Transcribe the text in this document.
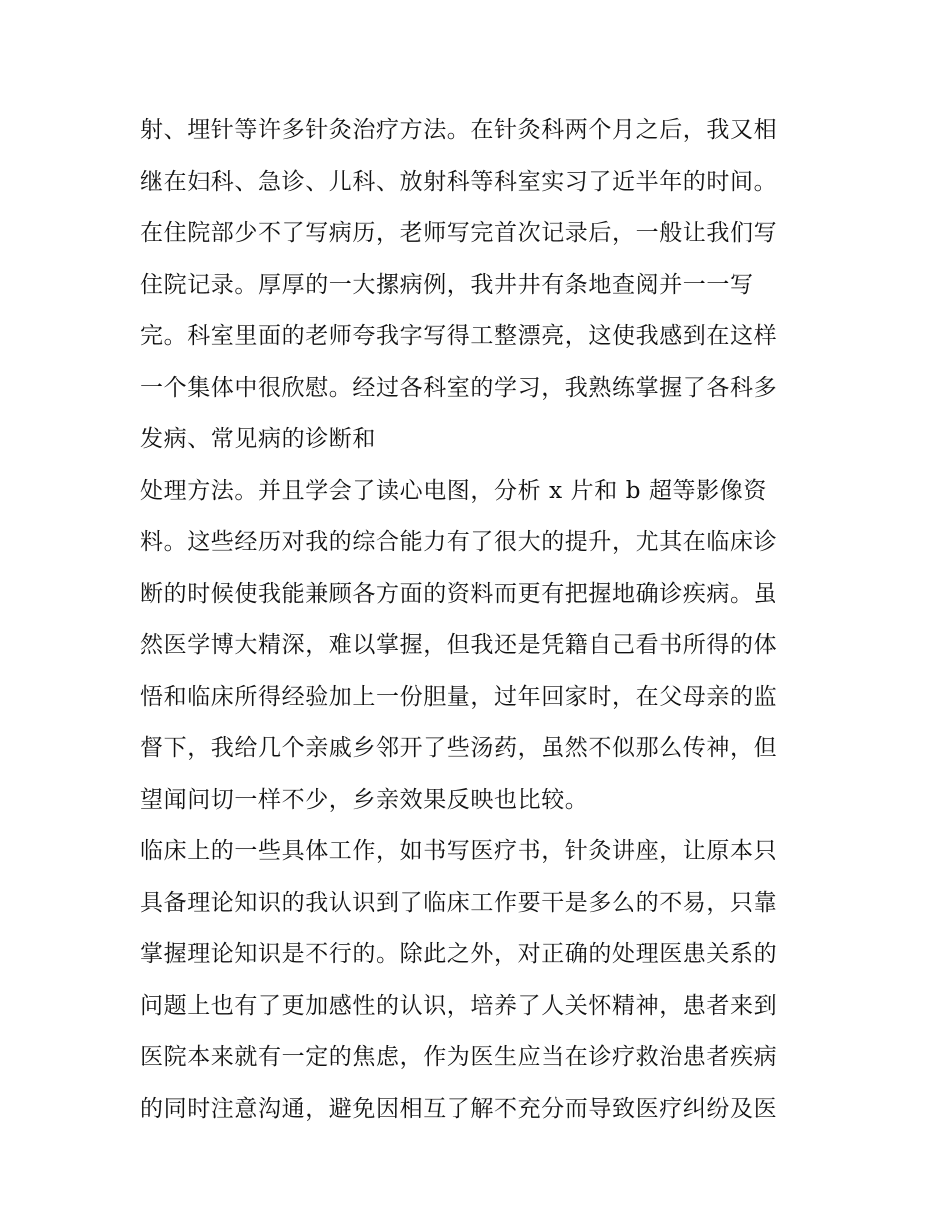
射、埋针等许多针灸治疗方法。在针灸科两个月之后，我又相
继在妇科、急诊、儿科、放射科等科室实习了近半年的时间。
在住院部少不了写病历，老师写完首次记录后，一般让我们写
住院记录。厚厚的一大摞病例，我井井有条地查阅并一一写
完。科室里面的老师夸我字写得工整漂亮，这使我感到在这样
一个集体中很欣慰。经过各科室的学习，我熟练掌握了各科多
发病、常见病的诊断和
处理方法。并且学会了读心电图，分析 x 片和 b 超等影像资
料。这些经历对我的综合能力有了很大的提升，尤其在临床诊
断的时候使我能兼顾各方面的资料而更有把握地确诊疾病。虽
然医学博大精深，难以掌握，但我还是凭籍自己看书所得的体
悟和临床所得经验加上一份胆量，过年回家时，在父母亲的监
督下，我给几个亲戚乡邻开了些汤药，虽然不似那么传神，但
望闻问切一样不少，乡亲效果反映也比较。
临床上的一些具体工作，如书写医疗书，针灸讲座，让原本只
具备理论知识的我认识到了临床工作要干是多么的不易，只靠
掌握理论知识是不行的。除此之外，对正确的处理医患关系的
问题上也有了更加感性的认识，培养了人关怀精神，患者来到
医院本来就有一定的焦虑，作为医生应当在诊疗救治患者疾病
的同时注意沟通，避免因相互了解不充分而导致医疗纠纷及医
